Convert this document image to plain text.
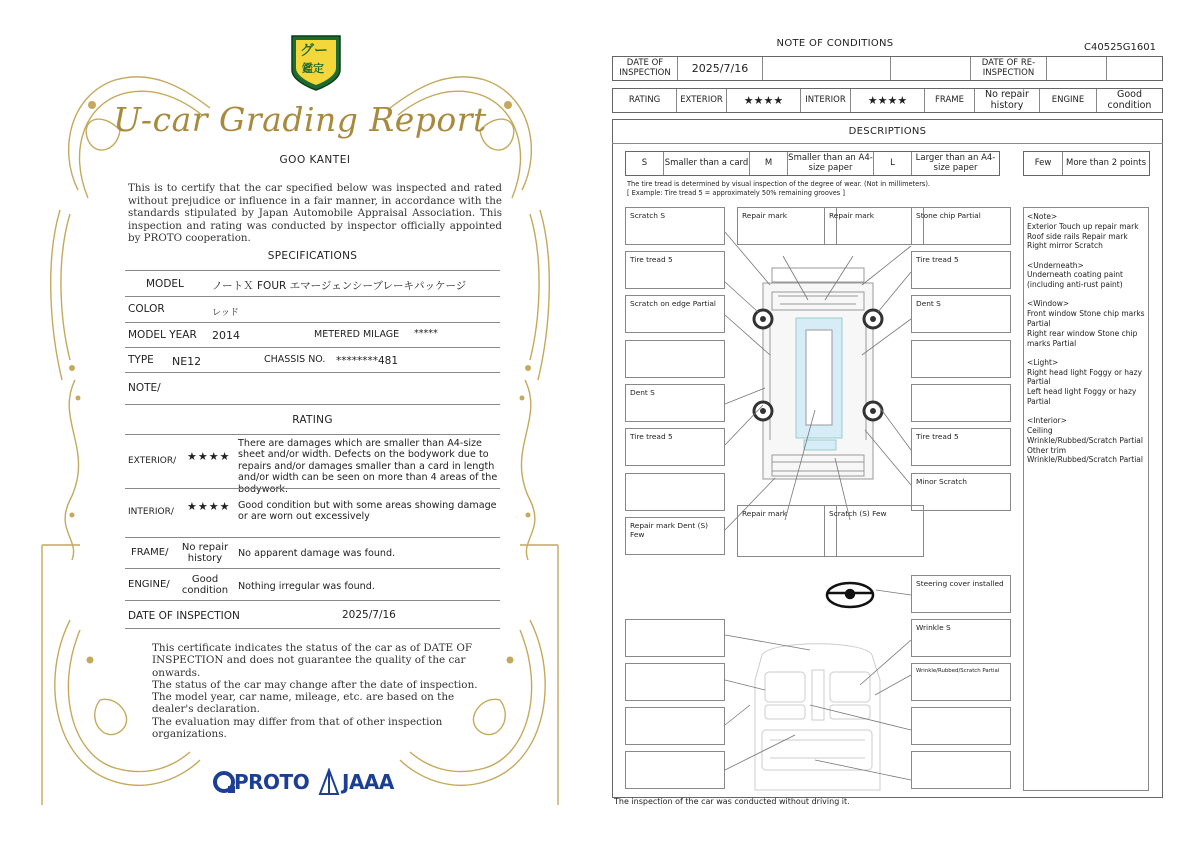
グー
鑑定
U-car Grading Report
GOO KANTEI
This is to certify that the car specified below was inspected and rated without prejudice or influence in a fair manner, in accordance with the standards stipulated by Japan Automobile Appraisal Association. This inspection and rating was conducted by inspector officially appointed by PROTO cooperation.
SPECIFICATIONS
MODEL	ノートＸ FOUR エマージェンシーブレーキパッケージ
COLOR	レッド
MODEL YEAR 2014	METERED MILAGE *****
TYPE NE12	CHASSIS NO. ********481
NOTE/
RATING
EXTERIOR/ ★★★★
There are damages which are smaller than A4-size sheet and/or width. Defects on the bodywork due to repairs and/or damages smaller than a card in length and/or width can be seen on more than 4 areas of the bodywork.
INTERIOR/ ★★★★ Good condition but with some areas showing damage or are worn out excessively
FRAME/	No repair history	No apparent damage was found.
ENGINE/	Good condition	Nothing irregular was found.
DATE OF INSPECTION	2025/7/16
This certificate indicates the status of the car as of DATE OF INSPECTION and does not guarantee the quality of the car onwards.
The status of the car may change after the date of inspection.
The model year, car name, mileage, etc. are based on the dealer's declaration.
The evaluation may differ from that of other inspection organizations.
PROTO JAAA
NOTE OF CONDITIONS	C40525G1601
DATE OF INSPECTION	2025/7/16	DATE OF RE-INSPECTION
RATING	EXTERIOR	★★★★	INTERIOR	★★★★	FRAME	No repair history	ENGINE	Good condition
DESCRIPTIONS
S	Smaller than a card	M	Smaller than an A4-size paper	L	Larger than an A4-size paper	Few	More than 2 points
The tire tread is determined by visual inspection of the degree of wear. (Not in millimeters).
[ Example: Tire tread 5 = approximately 50% remaining grooves ]
Scratch S	Repair mark	Repair mark	Stone chip Partial
Tire tread 5	Tire tread 5
Scratch on edge Partial	Dent S
Dent S
Tire tread 5	Tire tread 5
Minor Scratch
Repair mark Dent (S) Few
Repair mark	Scratch (S) Few
Steering cover installed
Wrinkle S
Wrinkle/Rubbed/Scratch Partial
<Note>
Exterior Touch up repair mark
Roof side rails Repair mark
Right mirror Scratch
<Underneath>
Underneath coating paint
(including anti-rust paint)
<Window>
Front window Stone chip marks Partial
Right rear window Stone chip marks Partial
<Light>
Right head light Foggy or hazy Partial
Left head light Foggy or hazy Partial
<Interior>
Ceiling
Wrinkle/Rubbed/Scratch Partial
Other trim
Wrinkle/Rubbed/Scratch Partial
The inspection of the car was conducted without driving it.
